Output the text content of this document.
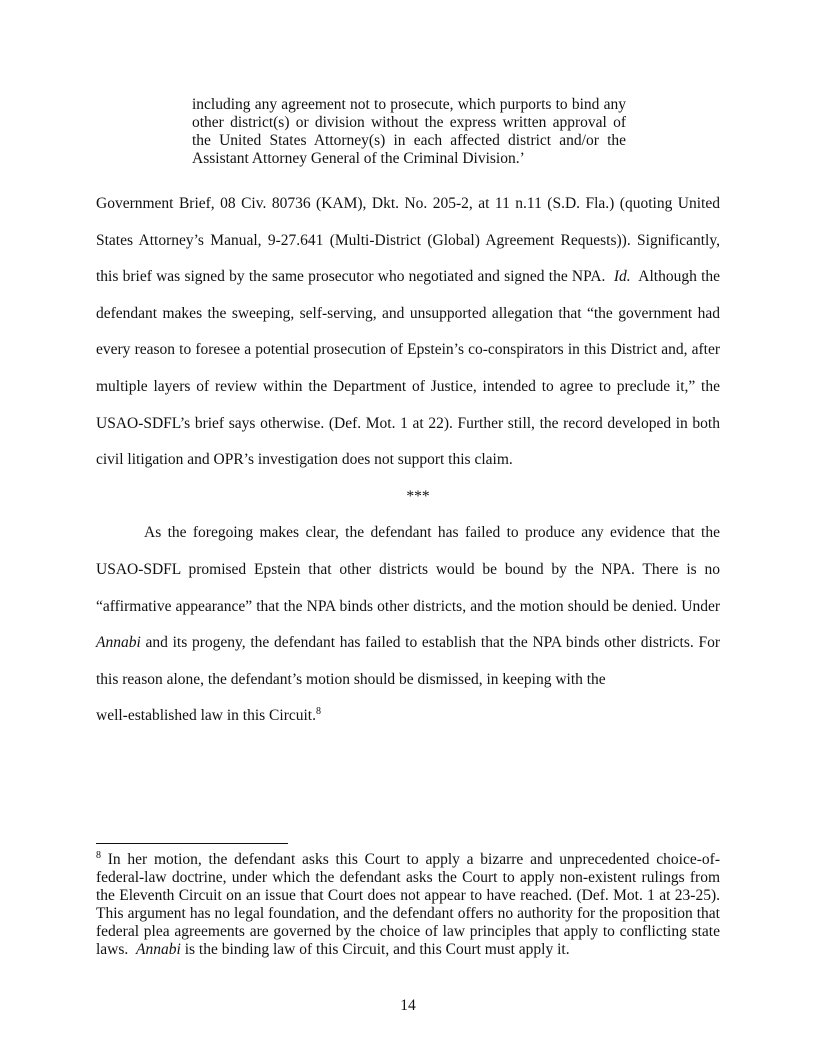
including any agreement not to prosecute, which purports to bind any other district(s) or division without the express written approval of the United States Attorney(s) in each affected district and/or the Assistant Attorney General of the Criminal Division.’

Government Brief, 08 Civ. 80736 (KAM), Dkt. No. 205-2, at 11 n.11 (S.D. Fla.) (quoting United States Attorney’s Manual, 9-27.641 (Multi-District (Global) Agreement Requests)). Significantly, this brief was signed by the same prosecutor who negotiated and signed the NPA. Id. Although the defendant makes the sweeping, self-serving, and unsupported allegation that “the government had every reason to foresee a potential prosecution of Epstein’s co-conspirators in this District and, after multiple layers of review within the Department of Justice, intended to agree to preclude it,” the USAO-SDFL’s brief says otherwise. (Def. Mot. 1 at 22). Further still, the record developed in both civil litigation and OPR’s investigation does not support this claim.

***

As the foregoing makes clear, the defendant has failed to produce any evidence that the USAO-SDFL promised Epstein that other districts would be bound by the NPA. There is no “affirmative appearance” that the NPA binds other districts, and the motion should be denied. Under Annabi and its progeny, the defendant has failed to establish that the NPA binds other districts. For this reason alone, the defendant’s motion should be dismissed, in keeping with the

well-established law in this Circuit.$^8$

$^8$ In her motion, the defendant asks this Court to apply a bizarre and unprecedented choice-of-federal-law doctrine, under which the defendant asks the Court to apply non-existent rulings from the Eleventh Circuit on an issue that Court does not appear to have reached. (Def. Mot. 1 at 23-25). This argument has no legal foundation, and the defendant offers no authority for the proposition that federal plea agreements are governed by the choice of law principles that apply to conflicting state laws. Annabi is the binding law of this Circuit, and this Court must apply it.
14
